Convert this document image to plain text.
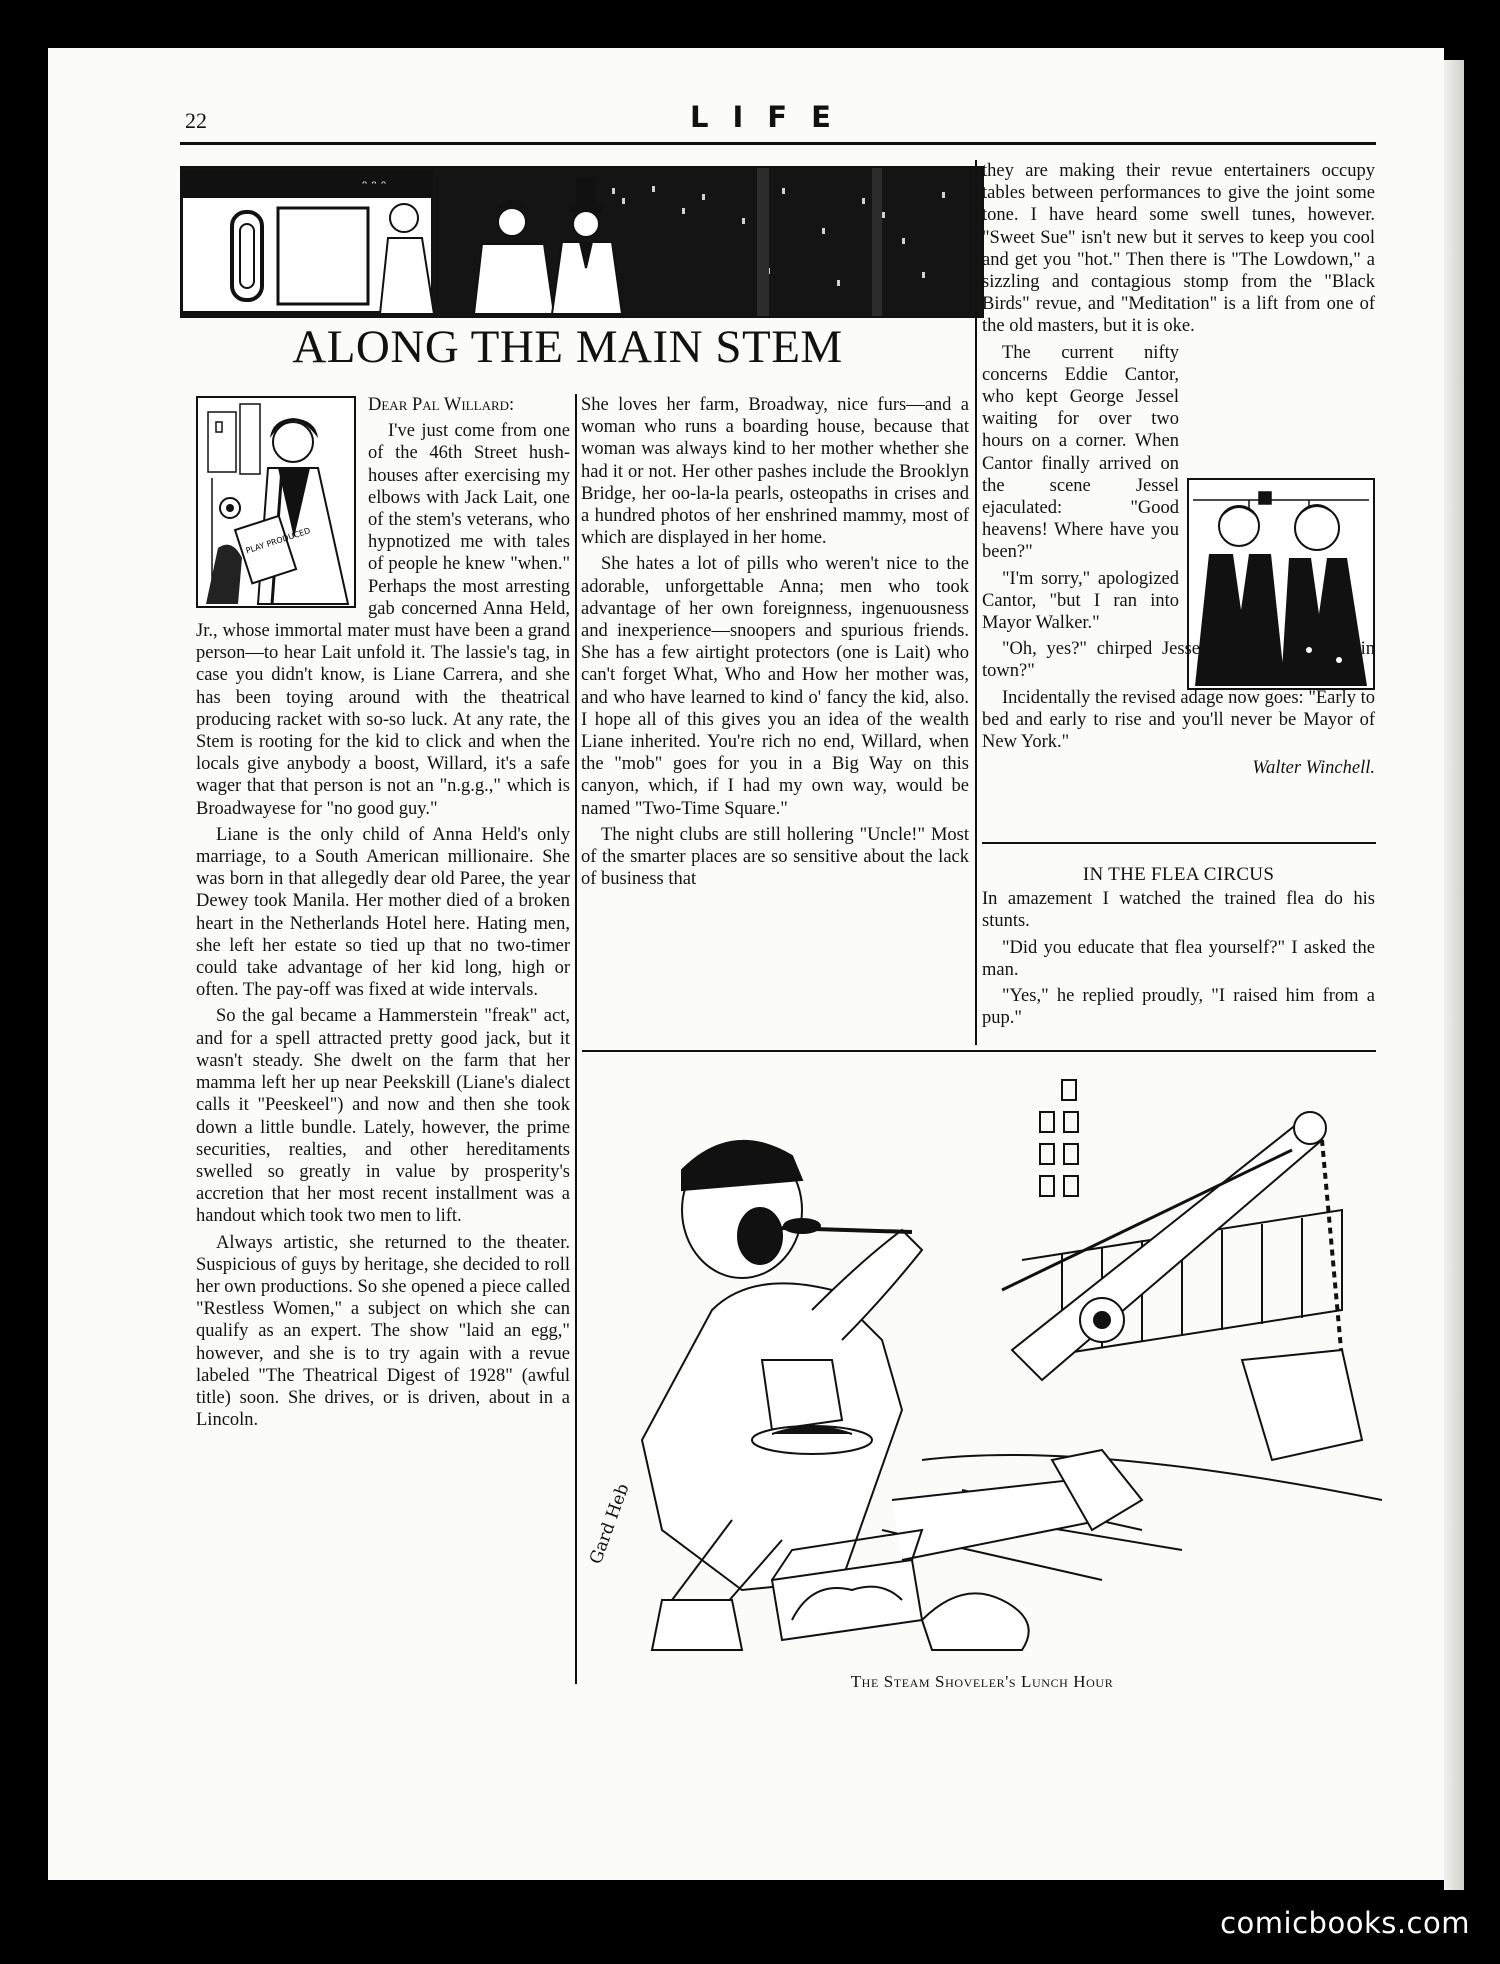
22	LIFE
ᵔ ᵔ ᵔ
ALONG THE MAIN STEM
PLAY PRODUCED

Dear Pal Willard:

I've just come from one of the 46th Street hush-houses after exercising my elbows with Jack Lait, one of the stem's veterans, who hypnotized me with tales of people he knew "when." Perhaps the most arresting gab concerned Anna Held, Jr., whose immortal mater must have been a grand person—to hear Lait unfold it. The lassie's tag, in case you didn't know, is Liane Carrera, and she has been toying around with the theatrical producing racket with so-so luck. At any rate, the Stem is rooting for the kid to click and when the locals give anybody a boost, Willard, it's a safe wager that that person is not an "n.g.g.," which is Broadwayese for "no good guy."

Liane is the only child of Anna Held's only marriage, to a South American millionaire. She was born in that allegedly dear old Paree, the year Dewey took Manila. Her mother died of a broken heart in the Netherlands Hotel here. Hating men, she left her estate so tied up that no two-timer could take advantage of her kid long, high or often. The pay-off was fixed at wide intervals.

So the gal became a Hammerstein "freak" act, and for a spell attracted pretty good jack, but it wasn't steady. She dwelt on the farm that her mamma left her up near Peekskill (Liane's dialect calls it "Peeskeel") and now and then she took down a little bundle. Lately, however, the prime securities, realties, and other hereditaments swelled so greatly in value by prosperity's accretion that her most recent installment was a handout which took two men to lift.

Always artistic, she returned to the theater. Suspicious of guys by heritage, she decided to roll her own productions. So she opened a piece called "Restless Women," a subject on which she can qualify as an expert. The show "laid an egg," however, and she is to try again with a revue labeled "The Theatrical Digest of 1928" (awful title) soon. She drives, or is driven, about in a Lincoln.

She loves her farm, Broadway, nice furs—and a woman who runs a boarding house, because that woman was always kind to her mother whether she had it or not. Her other pashes include the Brooklyn Bridge, her oo-la-la pearls, osteopaths in crises and a hundred photos of her enshrined mammy, most of which are displayed in her home.

She hates a lot of pills who weren't nice to the adorable, unforgettable Anna; men who took advantage of her own foreignness, ingenuousness and inexperience—snoopers and spurious friends. She has a few airtight protectors (one is Lait) who can't forget What, Who and How her mother was, and who have learned to kind o' fancy the kid, also. I hope all of this gives you an idea of the wealth Liane inherited. You're rich no end, Willard, when the "mob" goes for you in a Big Way on this canyon, which, if I had my own way, would be named "Two-Time Square."

The night clubs are still hollering "Uncle!" Most of the smarter places are so sensitive about the lack of business that

they are making their revue entertainers occupy tables between performances to give the joint some tone. I have heard some swell tunes, however. "Sweet Sue" isn't new but it serves to keep you cool and get you "hot." Then there is "The Lowdown," a sizzling and contagious stomp from the "Black Birds" revue, and "Meditation" is a lift from one of the old masters, but it is oke.

The current nifty concerns Eddie Cantor, who kept George Jessel waiting for over two hours on a corner. When Cantor finally arrived on the scene Jessel ejaculated: "Good heavens! Where have you been?"

"I'm sorry," apologized Cantor, "but I ran into Mayor Walker."

"Oh, yes?" chirped Jessel. "What's he doin' in town?"

Incidentally the revised adage now goes: "Early to bed and early to rise and you'll never be Mayor of New York."

Walter Winchell.
IN THE FLEA CIRCUS

In amazement I watched the trained flea do his stunts.

"Did you educate that flea yourself?" I asked the man.

"Yes," he replied proudly, "I raised him from a pup."

Gard Heb
The Steam Shoveler's Lunch Hour
comicbooks.com
